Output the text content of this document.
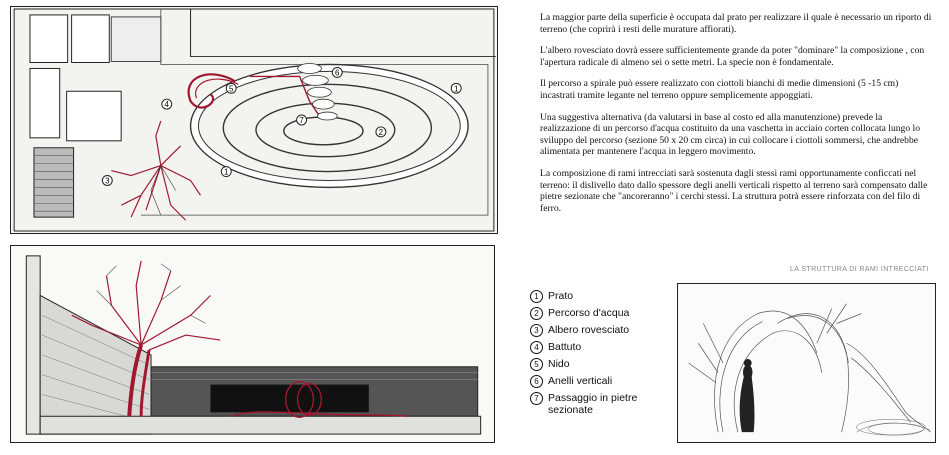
1
1
2
3
4
5
6
7

La maggior parte della superficie è occupata dal prato per realizzare il quale è necessario un riporto di terreno (che coprirà i resti delle murature affiorati).

L'albero rovesciato dovrà essere sufficientemente grande da poter "dominare" la composizione , con l'apertura radicale di almeno sei o sette metri. La specie non è fondamentale.

Il percorso a spirale può essere realizzato con ciottoli bianchi di medie dimensioni (5 -15 cm) incastrati tramite legante nel terreno oppure semplicemente appoggiati.

Una suggestiva alternativa (da valutarsi in base al costo ed alla manutenzione) prevede la realizzazione di un percorso d'acqua costituito da una vaschetta in acciaio corten collocata lungo lo sviluppo del percorso (sezione 50 x 20 cm circa) in cui collocare i ciottoli sommersi, che andrebbe alimentata per mantenere l'acqua in leggero movimento.

La composizione di rami intrecciati sarà sostenuta dagli stessi rami opportunamente conficcati nel terreno: il dislivello dato dallo spessore degli anelli verticali rispetto al terreno sarà compensato dalle pietre sezionate che "ancoreranno" i cerchi stessi. La struttura potrà essere rinforzata con del filo di ferro.

LA STRUTTURA DI RAMI INTRECCIATI
1 Prato
2 Percorso d'acqua
3 Albero rovesciato
4 Battuto
5 Nido
6 Anelli verticali
7 Passaggio in pietre sezionate
